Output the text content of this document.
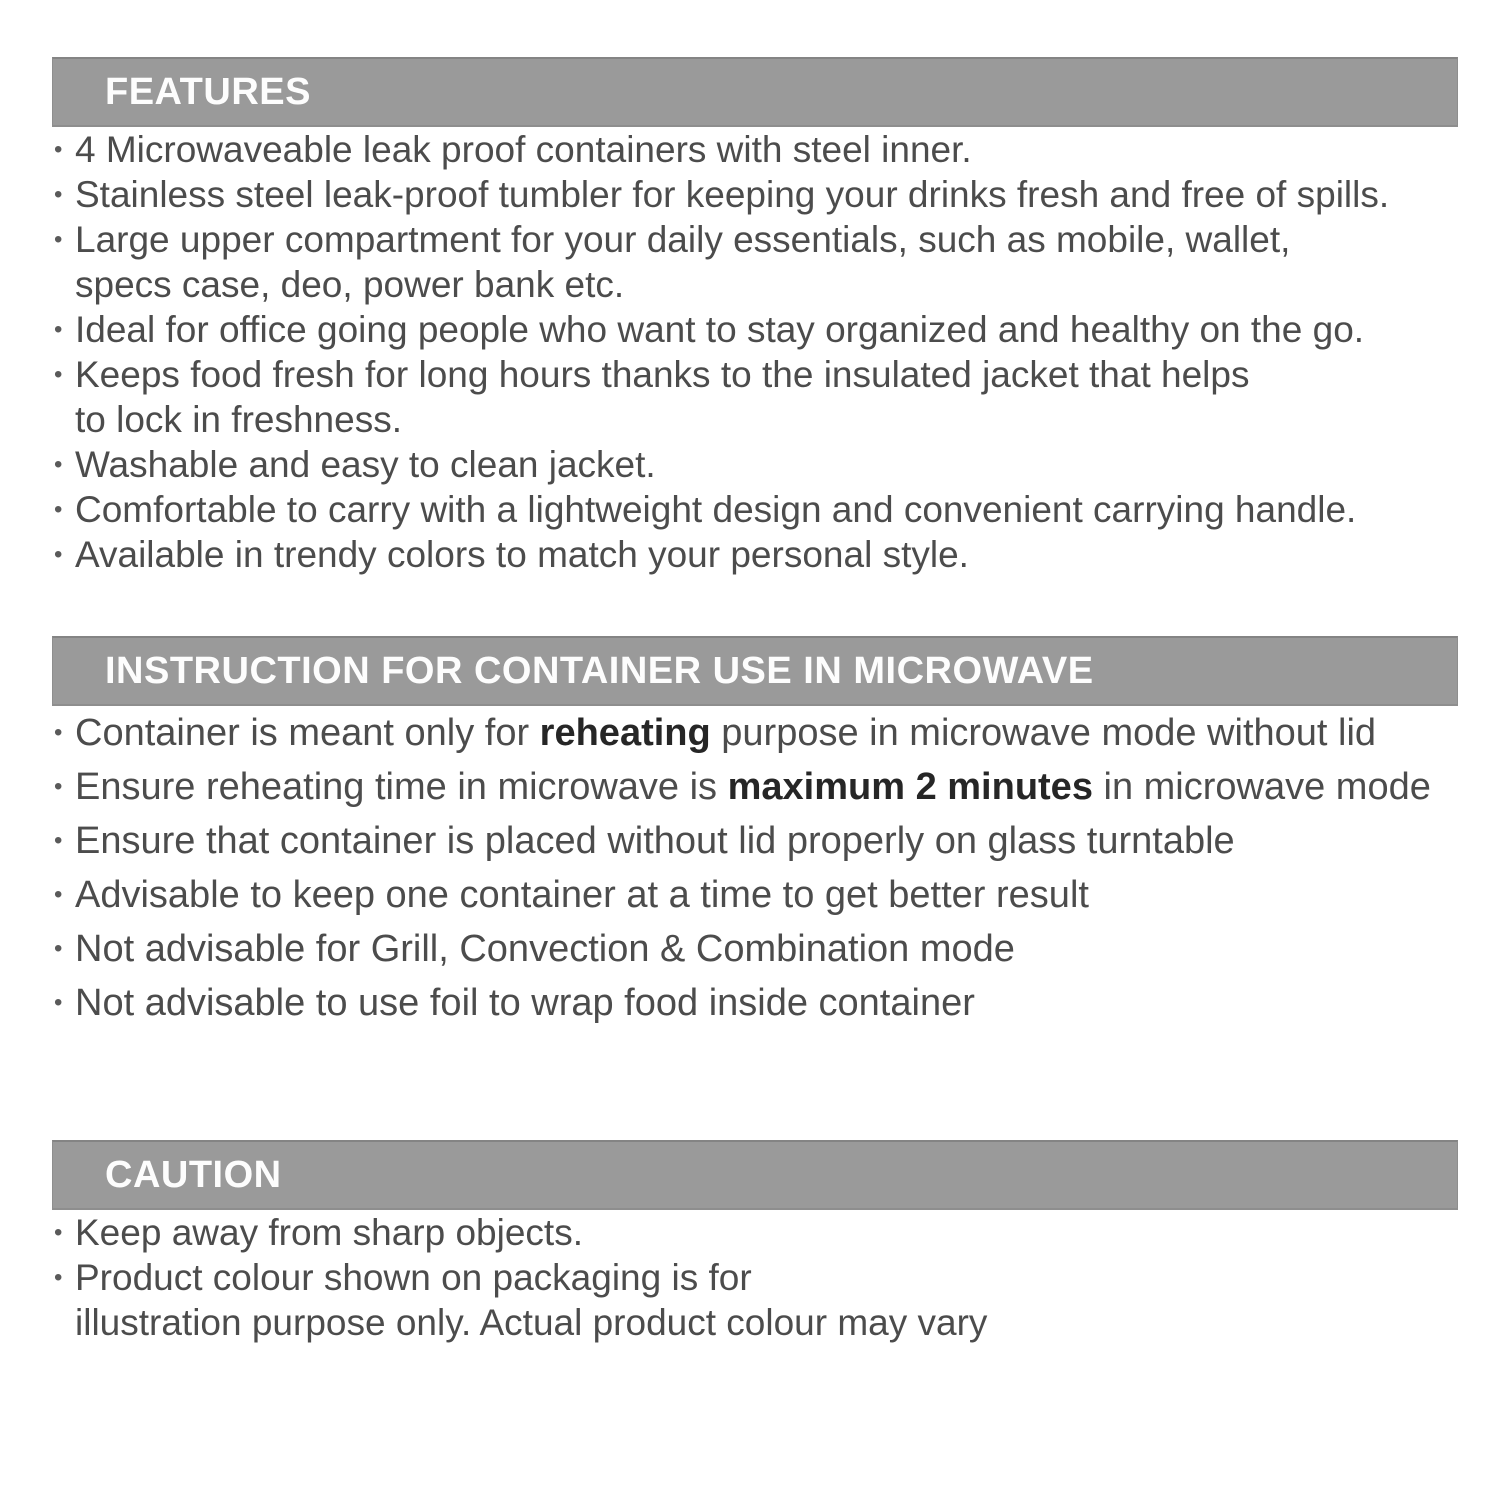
FEATURES
• 4 Microwaveable leak proof containers with steel inner.
• Stainless steel leak-proof tumbler for keeping your drinks fresh and free of spills.
• Large upper compartment for your daily essentials, such as mobile, wallet,
specs case, deo, power bank etc.
• Ideal for office going people who want to stay organized and healthy on the go.
• Keeps food fresh for long hours thanks to the insulated jacket that helps
to lock in freshness.
• Washable and easy to clean jacket.
• Comfortable to carry with a lightweight design and convenient carrying handle.
• Available in trendy colors to match your personal style.
INSTRUCTION FOR CONTAINER USE IN MICROWAVE
• Container is meant only for reheating purpose in microwave mode without lid
• Ensure reheating time in microwave is maximum 2 minutes in microwave mode
• Ensure that container is placed without lid properly on glass turntable
• Advisable to keep one container at a time to get better result
• Not advisable for Grill, Convection & Combination mode
• Not advisable to use foil to wrap food inside container
CAUTION
• Keep away from sharp objects.
• Product colour shown on packaging is for
illustration purpose only. Actual product colour may vary
